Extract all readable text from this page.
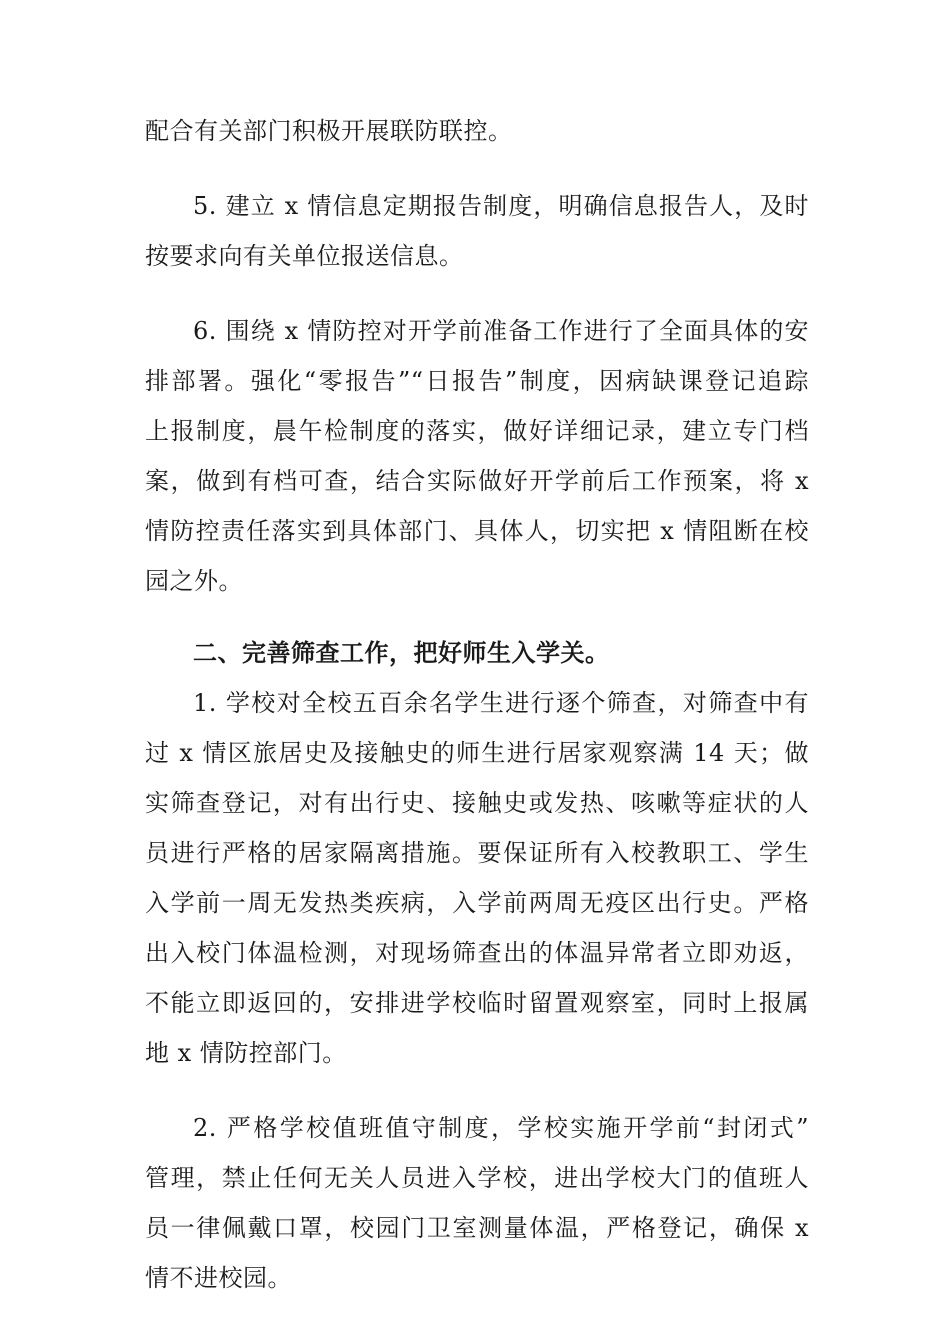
配合有关部门积极开展联防联控。
5. 建立 x 情信息定期报告制度，明确信息报告人，及时
按要求向有关单位报送信息。
6. 围绕 x 情防控对开学前准备工作进行了全面具体的安
排部署。强化“零报告”“日报告”制度，因病缺课登记追踪
上报制度，晨午检制度的落实，做好详细记录，建立专门档
案，做到有档可查，结合实际做好开学前后工作预案，将 x
情防控责任落实到具体部门、具体人，切实把 x 情阻断在校
园之外。
二、完善筛查工作，把好师生入学关。
1. 学校对全校五百余名学生进行逐个筛查，对筛查中有
过 x 情区旅居史及接触史的师生进行居家观察满 14 天；做
实筛查登记，对有出行史、接触史或发热、咳嗽等症状的人
员进行严格的居家隔离措施。要保证所有入校教职工、学生
入学前一周无发热类疾病，入学前两周无疫区出行史。严格
出入校门体温检测，对现场筛查出的体温异常者立即劝返，
不能立即返回的，安排进学校临时留置观察室，同时上报属
地 x 情防控部门。
2. 严格学校值班值守制度，学校实施开学前“封闭式”
管理，禁止任何无关人员进入学校，进出学校大门的值班人
员一律佩戴口罩，校园门卫室测量体温，严格登记，确保 x
情不进校园。
